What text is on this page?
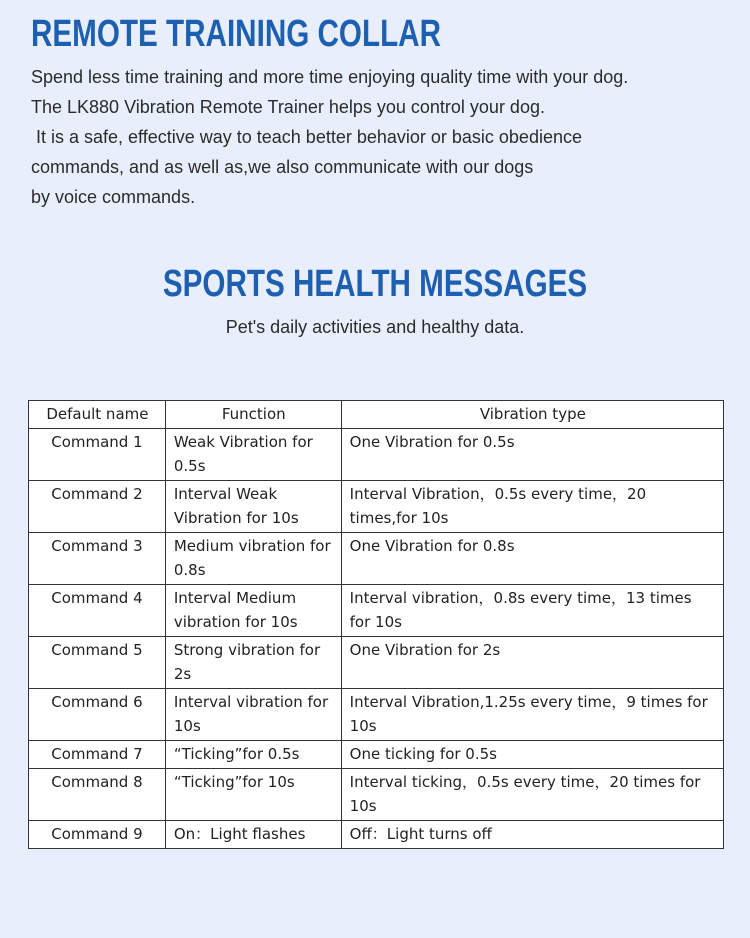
REMOTE TRAINING COLLAR

Spend less time training and more time enjoying quality time with your dog.

The LK880 Vibration Remote Trainer helps you control your dog.

It is a safe, effective way to teach better behavior or basic obedience

commands, and as well as,we also communicate with our dogs

by voice commands.

SPORTS HEALTH MESSAGES
Pet's daily activities and healthy data.
Default name	Function	Vibration type
Command 1	Weak Vibration for 0.5s	One Vibration for 0.5s
Command 2	Interval Weak Vibration for 10s	Interval Vibration，0.5s every time，20 times,for 10s
Command 3	Medium vibration for 0.8s	One Vibration for 0.8s
Command 4	Interval Medium vibration for 10s	Interval vibration，0.8s every time，13 times for 10s
Command 5	Strong vibration for 2s	One Vibration for 2s
Command 6	Interval vibration for 10s	Interval Vibration,1.25s every time，9 times for 10s
Command 7	“Ticking”for 0.5s	One ticking for 0.5s
Command 8	“Ticking”for 10s	Interval ticking，0.5s every time，20 times for 10s
Command 9	On：Light flashes	Off：Light turns off
